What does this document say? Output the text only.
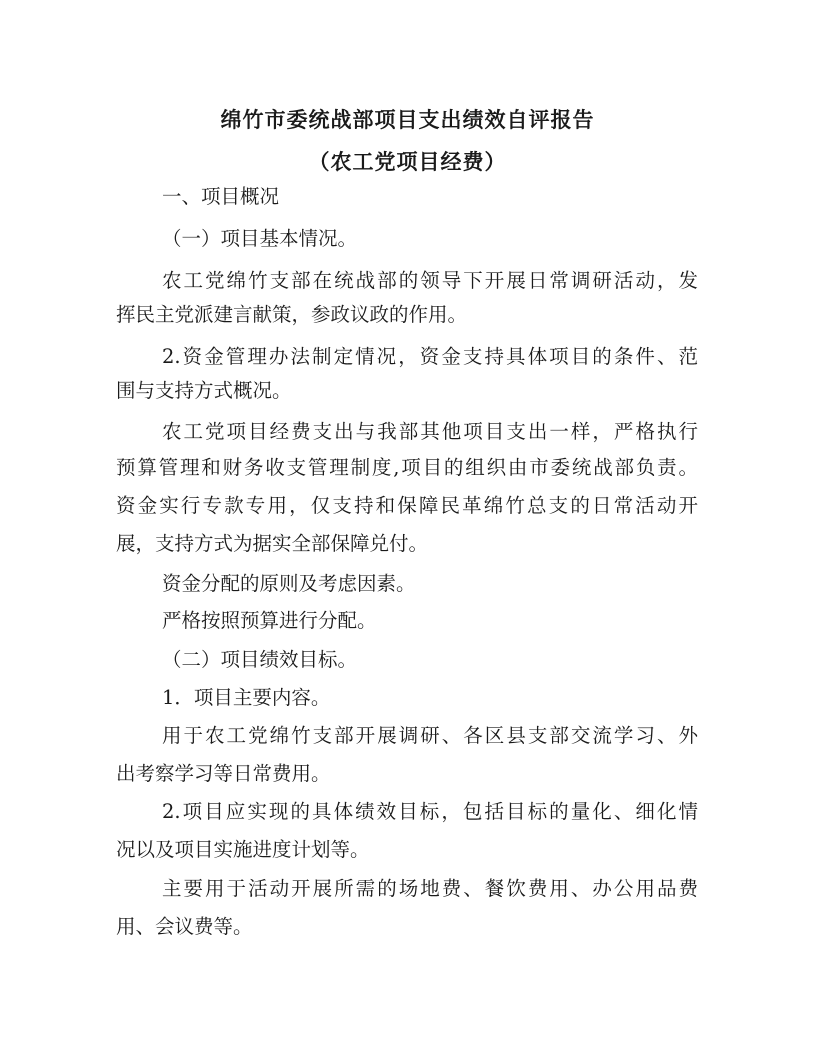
绵竹市委统战部项目支出绩效自评报告
（农工党项目经费）
一、项目概况
（一）项目基本情况。
农工党绵竹支部在统战部的领导下开展日常调研活动，发
挥民主党派建言献策，参政议政的作用。
2.资金管理办法制定情况，资金支持具体项目的条件、范
围与支持方式概况。
农工党项目经费支出与我部其他项目支出一样，严格执行
预算管理和财务收支管理制度,项目的组织由市委统战部负责。
资金实行专款专用，仅支持和保障民革绵竹总支的日常活动开
展，支持方式为据实全部保障兑付。
资金分配的原则及考虑因素。
严格按照预算进行分配。
（二）项目绩效目标。
1．项目主要内容。
用于农工党绵竹支部开展调研、各区县支部交流学习、外
出考察学习等日常费用。
2.项目应实现的具体绩效目标，包括目标的量化、细化情
况以及项目实施进度计划等。
主要用于活动开展所需的场地费、餐饮费用、办公用品费
用、会议费等。
